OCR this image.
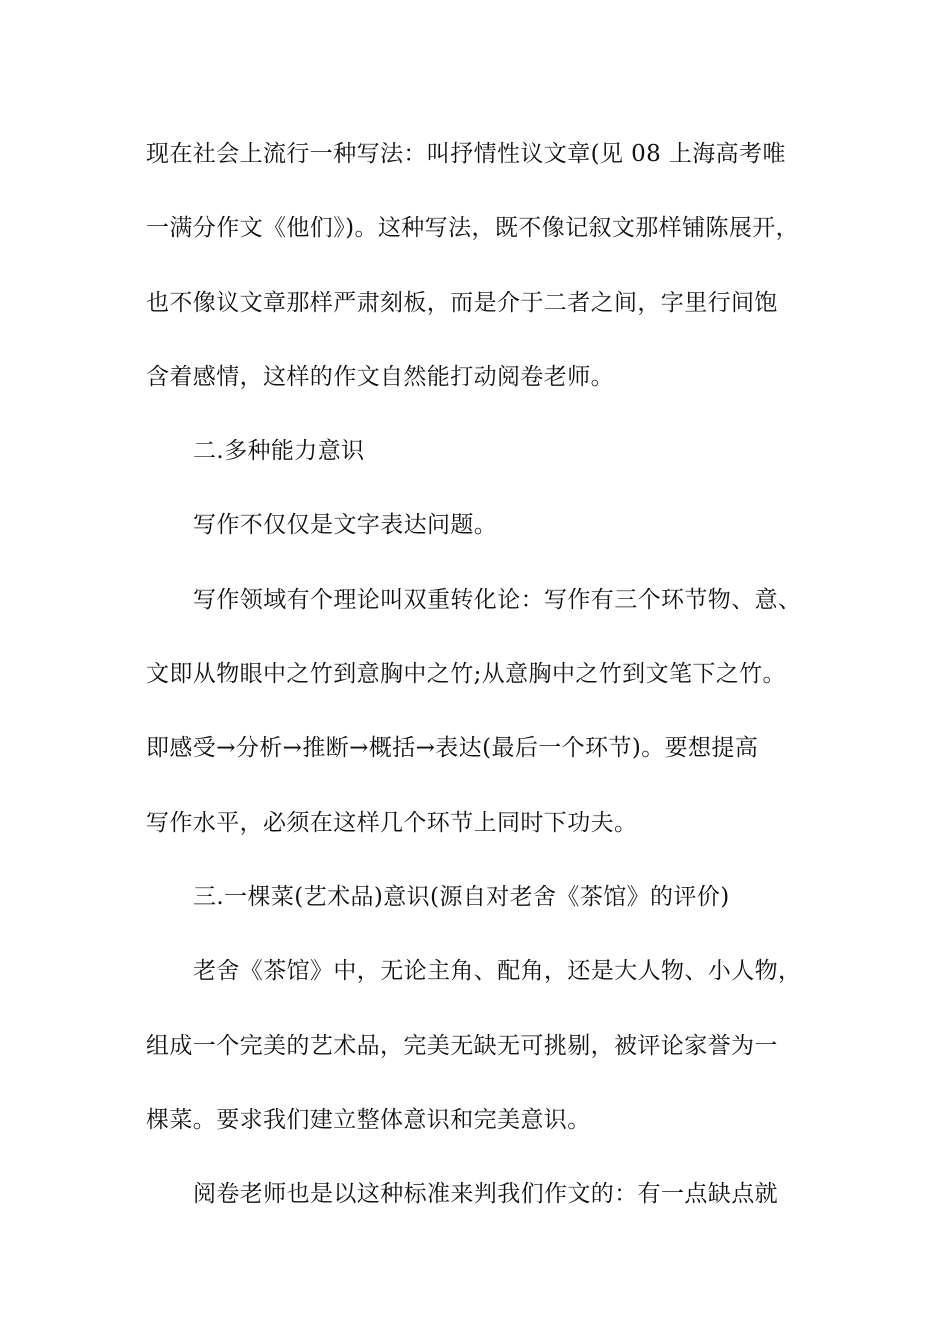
现在社会上流行一种写法：叫抒情性议文章(见 08 上海高考唯
一满分作文《他们》)。这种写法，既不像记叙文那样铺陈展开，
也不像议文章那样严肃刻板，而是介于二者之间，字里行间饱
含着感情，这样的作文自然能打动阅卷老师。
二.多种能力意识
写作不仅仅是文字表达问题。
写作领域有个理论叫双重转化论：写作有三个环节物、意、
文即从物眼中之竹到意胸中之竹;从意胸中之竹到文笔下之竹。
即感受→分析→推断→概括→表达(最后一个环节)。要想提高
写作水平，必须在这样几个环节上同时下功夫。
三.一棵菜(艺术品)意识(源自对老舍《茶馆》的评价)
老舍《茶馆》中，无论主角、配角，还是大人物、小人物，
组成一个完美的艺术品，完美无缺无可挑剔，被评论家誉为一
棵菜。要求我们建立整体意识和完美意识。
阅卷老师也是以这种标准来判我们作文的：有一点缺点就
